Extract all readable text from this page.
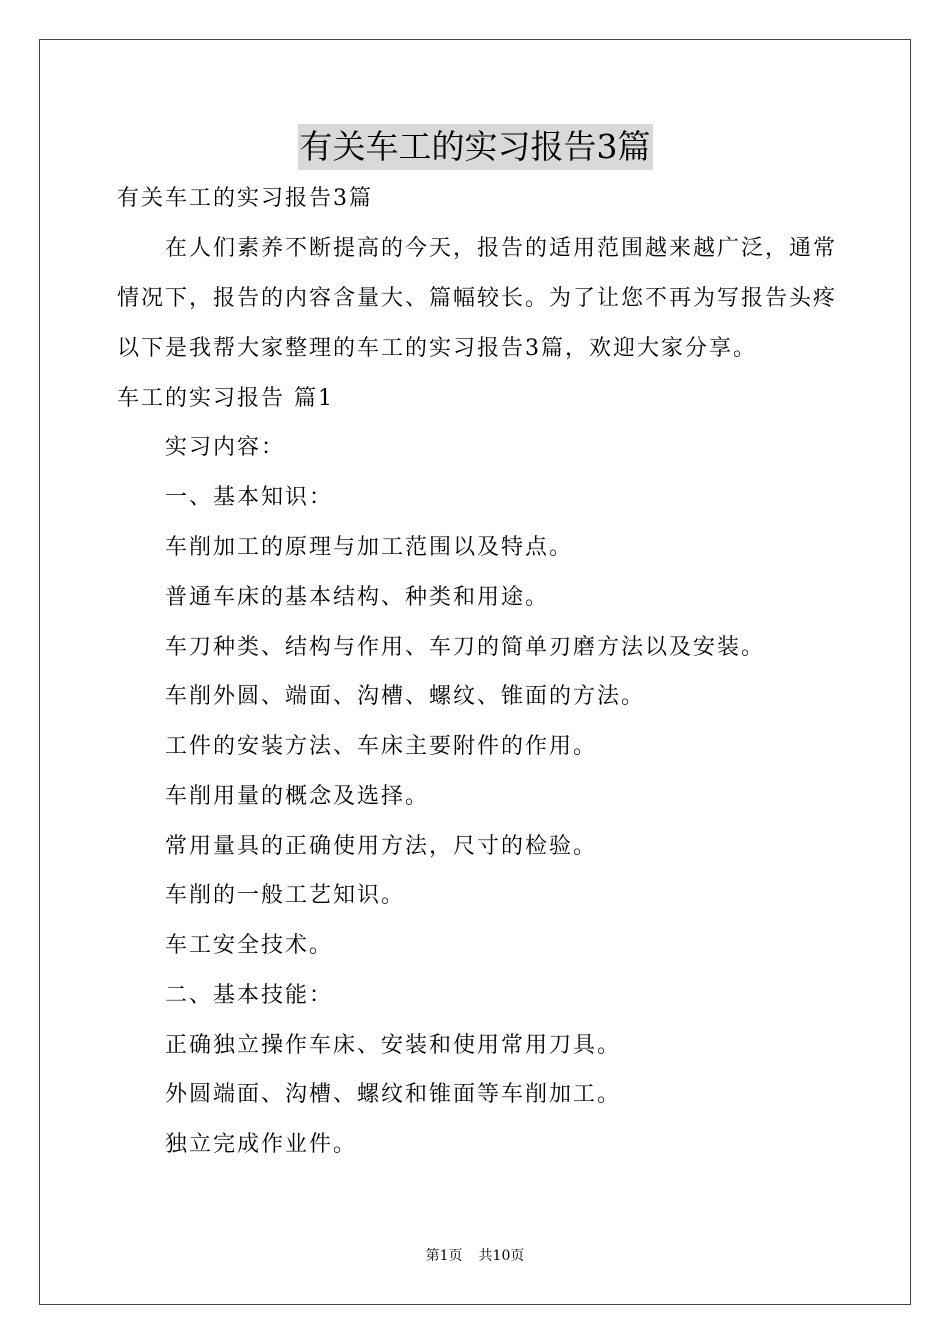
有关车工的实习报告3篇
有关车工的实习报告3篇
在人们素养不断提高的今天，报告的适用范围越来越广泛，通常
情况下，报告的内容含量大、篇幅较长。为了让您不再为写报告头疼
以下是我帮大家整理的车工的实习报告3篇，欢迎大家分享。
车工的实习报告 篇1
实习内容：
一、基本知识：
车削加工的原理与加工范围以及特点。
普通车床的基本结构、种类和用途。
车刀种类、结构与作用、车刀的简单刃磨方法以及安装。
车削外圆、端面、沟槽、螺纹、锥面的方法。
工件的安装方法、车床主要附件的作用。
车削用量的概念及选择。
常用量具的正确使用方法，尺寸的检验。
车削的一般工艺知识。
车工安全技术。
二、基本技能：
正确独立操作车床、安装和使用常用刀具。
外圆端面、沟槽、螺纹和锥面等车削加工。
独立完成作业件。
第1页 共10页
